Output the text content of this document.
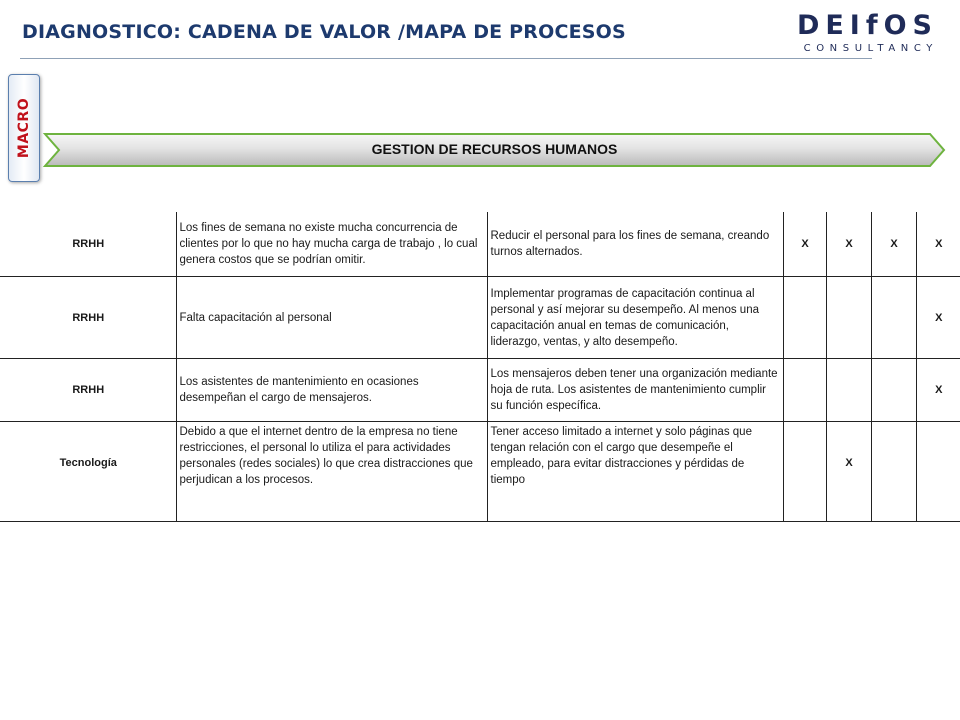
DIAGNOSTICO: CADENA DE VALOR /MAPA DE PROCESOS	DEIfOS
CONSULTANCY
MACRO	GESTION DE RECURSOS HUMANOS
RRHH	Los fines de semana no existe mucha concurrencia de clientes por lo que no hay mucha carga de trabajo , lo cual genera costos que se podrían omitir.	Reducir el personal para los fines de semana, creando turnos alternados.	X	X	X	X
RRHH	Falta capacitación al personal	Implementar programas de capacitación continua al personal y así mejorar su desempeño. Al menos una capacitación anual en temas de comunicación, liderazgo, ventas, y alto desempeño.				X
RRHH	Los asistentes de mantenimiento en ocasiones desempeñan el cargo de mensajeros.	Los mensajeros deben tener una organización mediante hoja de ruta. Los asistentes de mantenimiento cumplir su función específica.				X
Tecnología	Debido a que el internet dentro de la empresa no tiene restricciones, el personal lo utiliza el para actividades personales (redes sociales) lo que crea distracciones que perjudican a los procesos.	Tener acceso limitado a internet y solo páginas que tengan relación con el cargo que desempeñe el empleado, para evitar distracciones y pérdidas de tiempo		X		
